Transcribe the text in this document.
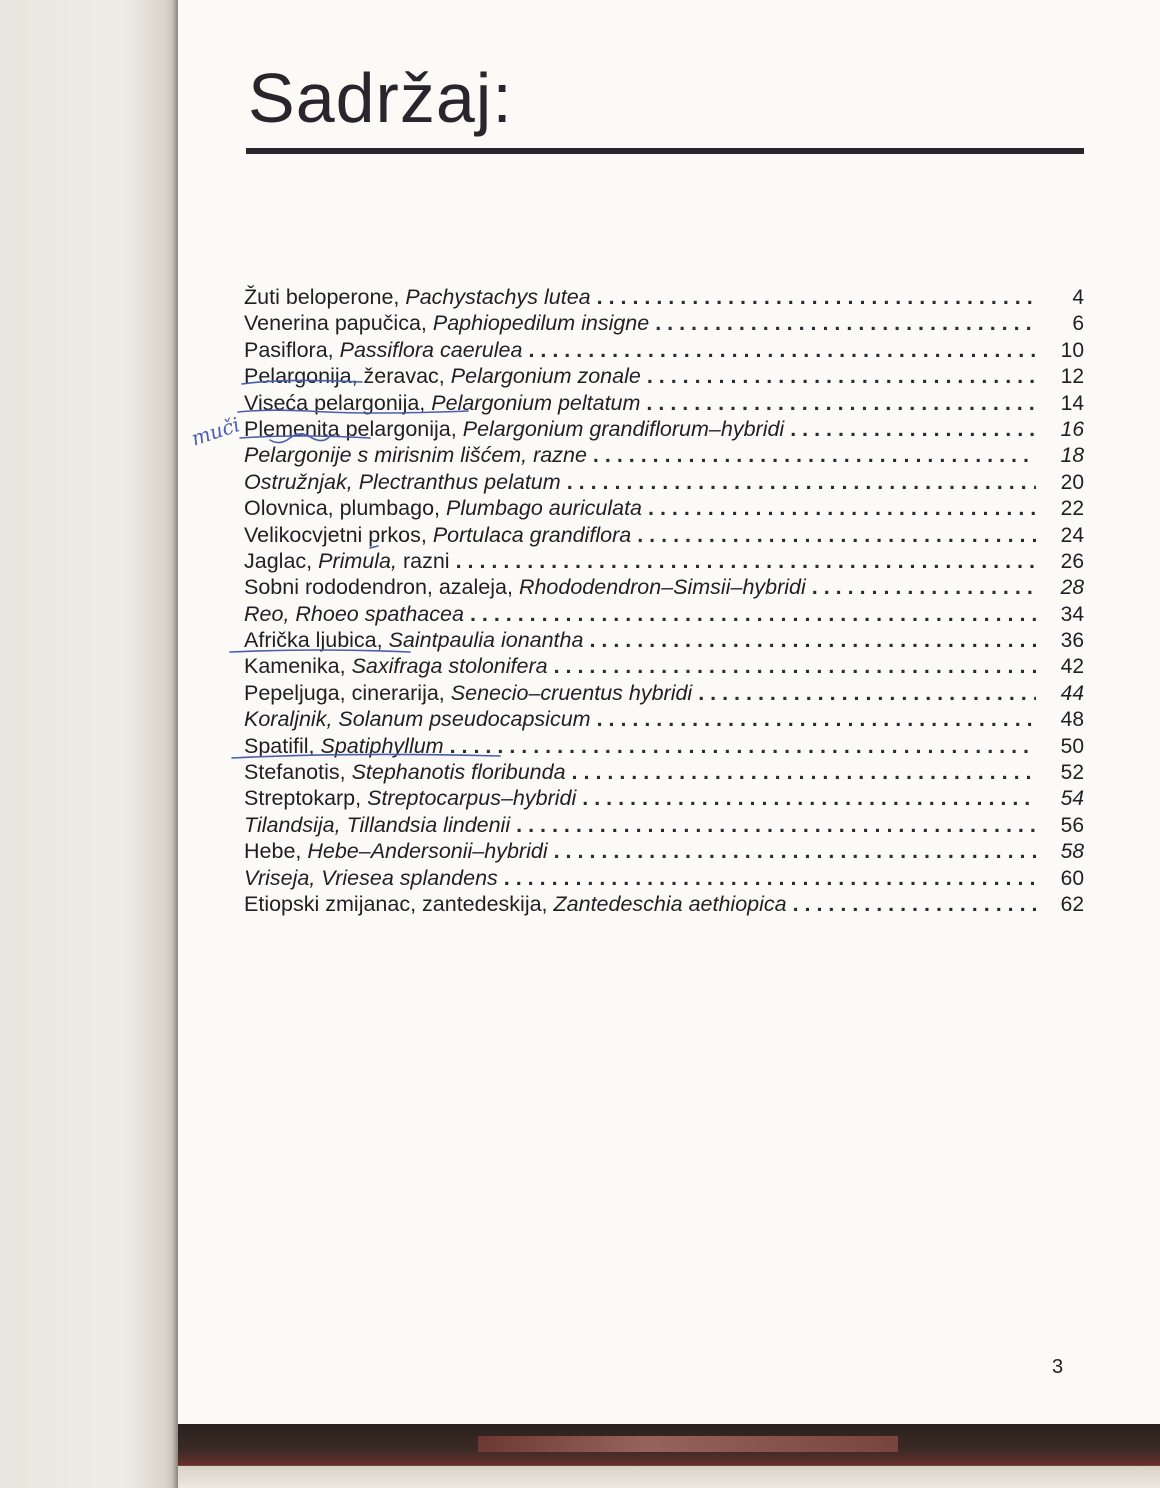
Sadržaj:
Žuti beloperone, Pachystachys lutea . . .	4
Venerina papučica, Paphiopedilum insigne . . .	6
Pasiflora, Passiflora caerulea . . .	10
Pelargonija, žeravac, Pelargonium zonale . . .	12
Viseća pelargonija, Pelargonium peltatum . . .	14
Plemenita pelargonija, Pelargonium grandiflorum–hybridi . . .	16
Pelargonije s mirisnim lišćem, razne . . .	18
Ostružnjak, Plectranthus pelatum . . .	20
Olovnica, plumbago, Plumbago auriculata . . .	22
Velikocvjetni prkos, Portulaca grandiflora . . .	24
Jaglac, Primula, razni . . .	26
Sobni rododendron, azaleja, Rhododendron–Simsii–hybridi . . .	28
Reo, Rhoeo spathacea . . .	34
Afrička ljubica, Saintpaulia ionantha . . .	36
Kamenika, Saxifraga stolonifera . . .	42
Pepeljuga, cinerarija, Senecio–cruentus hybridi . . .	44
Koraljnik, Solanum pseudocapsicum . . .	48
Spatifil, Spatiphyllum . . .	50
Stefanotis, Stephanotis floribunda . . .	52
Streptokarp, Streptocarpus–hybridi . . .	54
Tilandsija, Tillandsia lindenii . . .	56
Hebe, Hebe–Andersonii–hybridi . . .	58
Vriseja, Vriesea splandens . . .	60
Etiopski zmijanac, zantedeskija, Zantedeschia aethiopica . . .	62
3
muči
